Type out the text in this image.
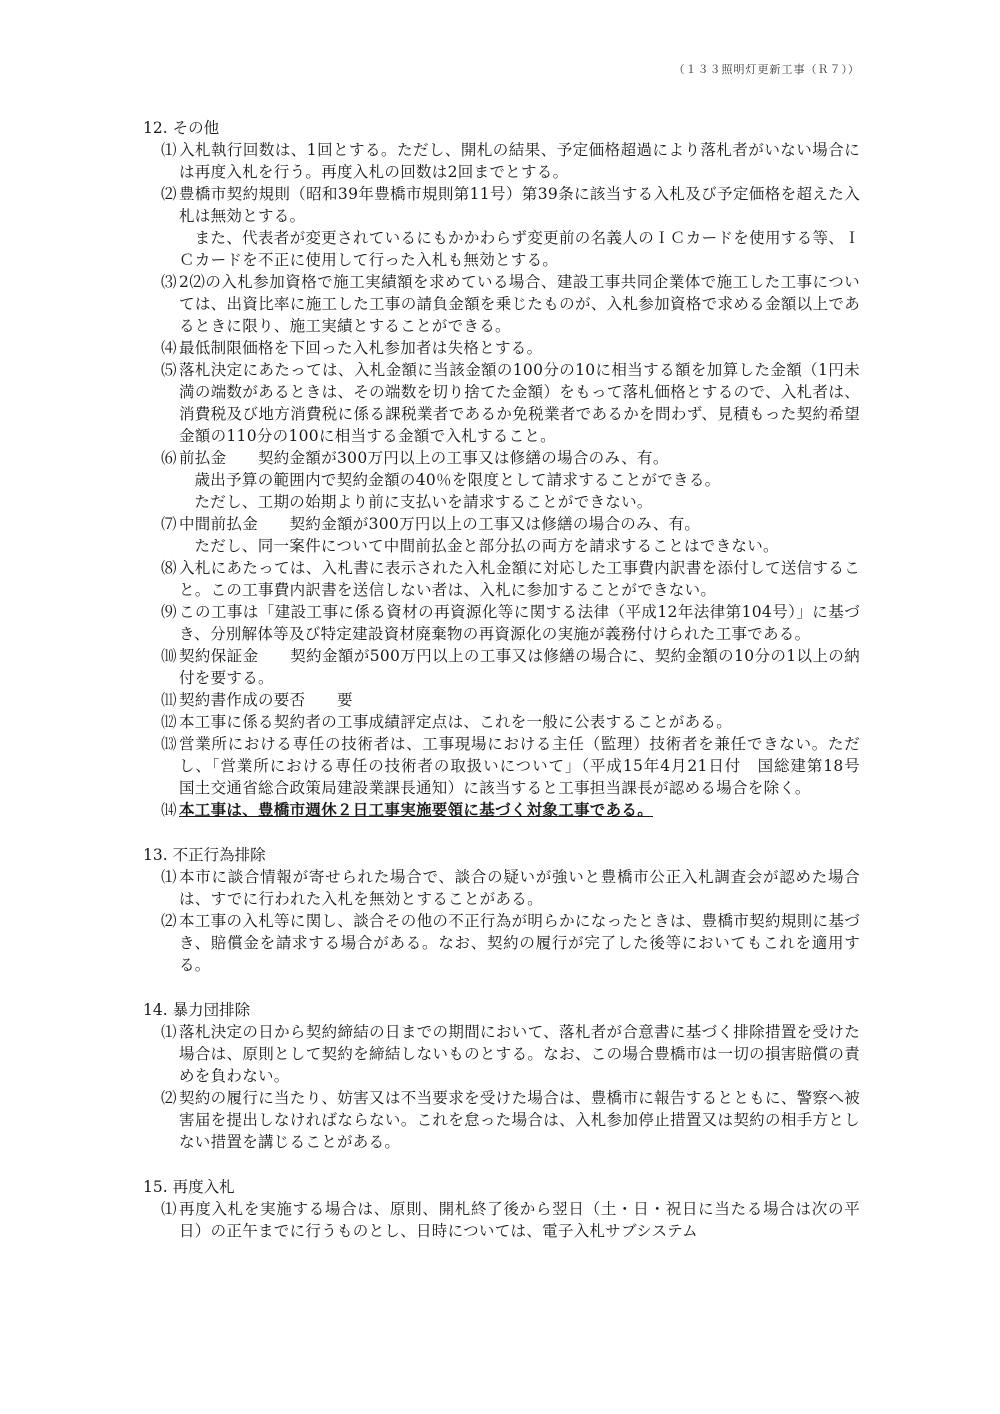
（１３３照明灯更新工事（Ｒ７））
12. その他
⑴ 入札執行回数は、1回とする。ただし、開札の結果、予定価格超過により落札者がいない場合には再度入札を行う。再度入札の回数は2回までとする。

⑵ 豊橋市契約規則（昭和39年豊橋市規則第11号）第39条に該当する入札及び予定価格を超えた入札は無効とする。

また、代表者が変更されているにもかかわらず変更前の名義人のＩＣカードを使用する等、ＩＣカードを不正に使用して行った入札も無効とする。

⑶ 2⑵の入札参加資格で施工実績額を求めている場合、建設工事共同企業体で施工した工事については、出資比率に施工した工事の請負金額を乗じたものが、入札参加資格で求める金額以上であるときに限り、施工実績とすることができる。

⑷ 最低制限価格を下回った入札参加者は失格とする。

⑸ 落札決定にあたっては、入札金額に当該金額の100分の10に相当する額を加算した金額（1円未満の端数があるときは、その端数を切り捨てた金額）をもって落札価格とするので、入札者は、消費税及び地方消費税に係る課税業者であるか免税業者であるかを問わず、見積もった契約希望金額の110分の100に相当する金額で入札すること。

⑹ 前払金　　契約金額が300万円以上の工事又は修繕の場合のみ、有。

歳出予算の範囲内で契約金額の40％を限度として請求することができる。

ただし、工期の始期より前に支払いを請求することができない。

⑺ 中間前払金　　契約金額が300万円以上の工事又は修繕の場合のみ、有。

ただし、同一案件について中間前払金と部分払の両方を請求することはできない。

⑻ 入札にあたっては、入札書に表示された入札金額に対応した工事費内訳書を添付して送信すること。この工事費内訳書を送信しない者は、入札に参加することができない。

⑼ この工事は「建設工事に係る資材の再資源化等に関する法律（平成12年法律第104号）」に基づき、分別解体等及び特定建設資材廃棄物の再資源化の実施が義務付けられた工事である。

⑽ 契約保証金　　契約金額が500万円以上の工事又は修繕の場合に、契約金額の10分の1以上の納付を要する。

⑾ 契約書作成の要否　　要

⑿ 本工事に係る契約者の工事成績評定点は、これを一般に公表することがある。

⒀ 営業所における専任の技術者は、工事現場における主任（監理）技術者を兼任できない。ただし、「営業所における専任の技術者の取扱いについて」（平成15年4月21日付　国総建第18号　国土交通省総合政策局建設業課長通知）に該当すると工事担当課長が認める場合を除く。

⒁ 本工事は、豊橋市週休２日工事実施要領に基づく対象工事である。

13. 不正行為排除
⑴ 本市に談合情報が寄せられた場合で、談合の疑いが強いと豊橋市公正入札調査会が認めた場合は、すでに行われた入札を無効とすることがある。

⑵ 本工事の入札等に関し、談合その他の不正行為が明らかになったときは、豊橋市契約規則に基づき、賠償金を請求する場合がある。なお、契約の履行が完了した後等においてもこれを適用する。

14. 暴力団排除
⑴ 落札決定の日から契約締結の日までの期間において、落札者が合意書に基づく排除措置を受けた場合は、原則として契約を締結しないものとする。なお、この場合豊橋市は一切の損害賠償の責めを負わない。

⑵ 契約の履行に当たり、妨害又は不当要求を受けた場合は、豊橋市に報告するとともに、警察へ被害届を提出しなければならない。これを怠った場合は、入札参加停止措置又は契約の相手方としない措置を講じることがある。

15. 再度入札
⑴ 再度入札を実施する場合は、原則、開札終了後から翌日（土・日・祝日に当たる場合は次の平日）の正午までに行うものとし、日時については、電子入札サブシステム
